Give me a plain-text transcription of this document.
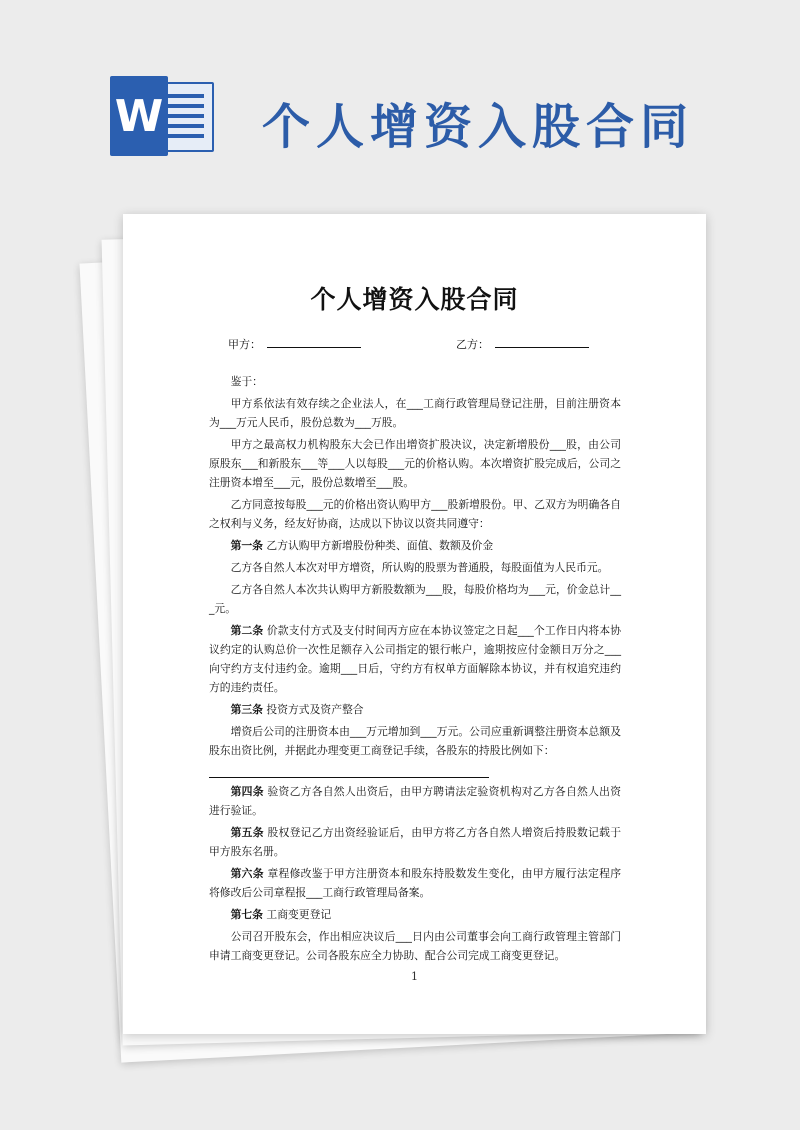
W 个人增资入股合同
个人增资入股合同
甲方：	乙方：

鉴于：

甲方系依法有效存续之企业法人，在___工商行政管理局登记注册，目前注册资本为___万元人民币，股份总数为___万股。

甲方之最高权力机构股东大会已作出增资扩股决议，决定新增股份___股，由公司原股东___和新股东___等___人以每股___元的价格认购。本次增资扩股完成后，公司之注册资本增至___元，股份总数增至___股。

乙方同意按每股___元的价格出资认购甲方___股新增股份。甲、乙双方为明确各自之权利与义务，经友好协商，达成以下协议以资共同遵守：

第一条 乙方认购甲方新增股份种类、面值、数额及价金

乙方各自然人本次对甲方增资，所认购的股票为普通股，每股面值为人民币元。

乙方各自然人本次共认购甲方新股数额为___股，每股价格均为___元，价金总计___元。

第二条 价款支付方式及支付时间丙方应在本协议签定之日起___个工作日内将本协议约定的认购总价一次性足额存入公司指定的银行帐户，逾期按应付金额日万分之___向守约方支付违约金。逾期___日后，守约方有权单方面解除本协议，并有权追究违约方的违约责任。

第三条 投资方式及资产整合

增资后公司的注册资本由___万元增加到___万元。公司应重新调整注册资本总额及股东出资比例，并据此办理变更工商登记手续，各股东的持股比例如下：

第四条 验资乙方各自然人出资后，由甲方聘请法定验资机构对乙方各自然人出资进行验证。

第五条 股权登记乙方出资经验证后，由甲方将乙方各自然人增资后持股数记载于甲方股东名册。

第六条 章程修改鉴于甲方注册资本和股东持股数发生变化，由甲方履行法定程序将修改后公司章程报___工商行政管理局备案。

第七条 工商变更登记

公司召开股东会，作出相应决议后___日内由公司董事会向工商行政管理主管部门申请工商变更登记。公司各股东应全力协助、配合公司完成工商变更登记。

1
